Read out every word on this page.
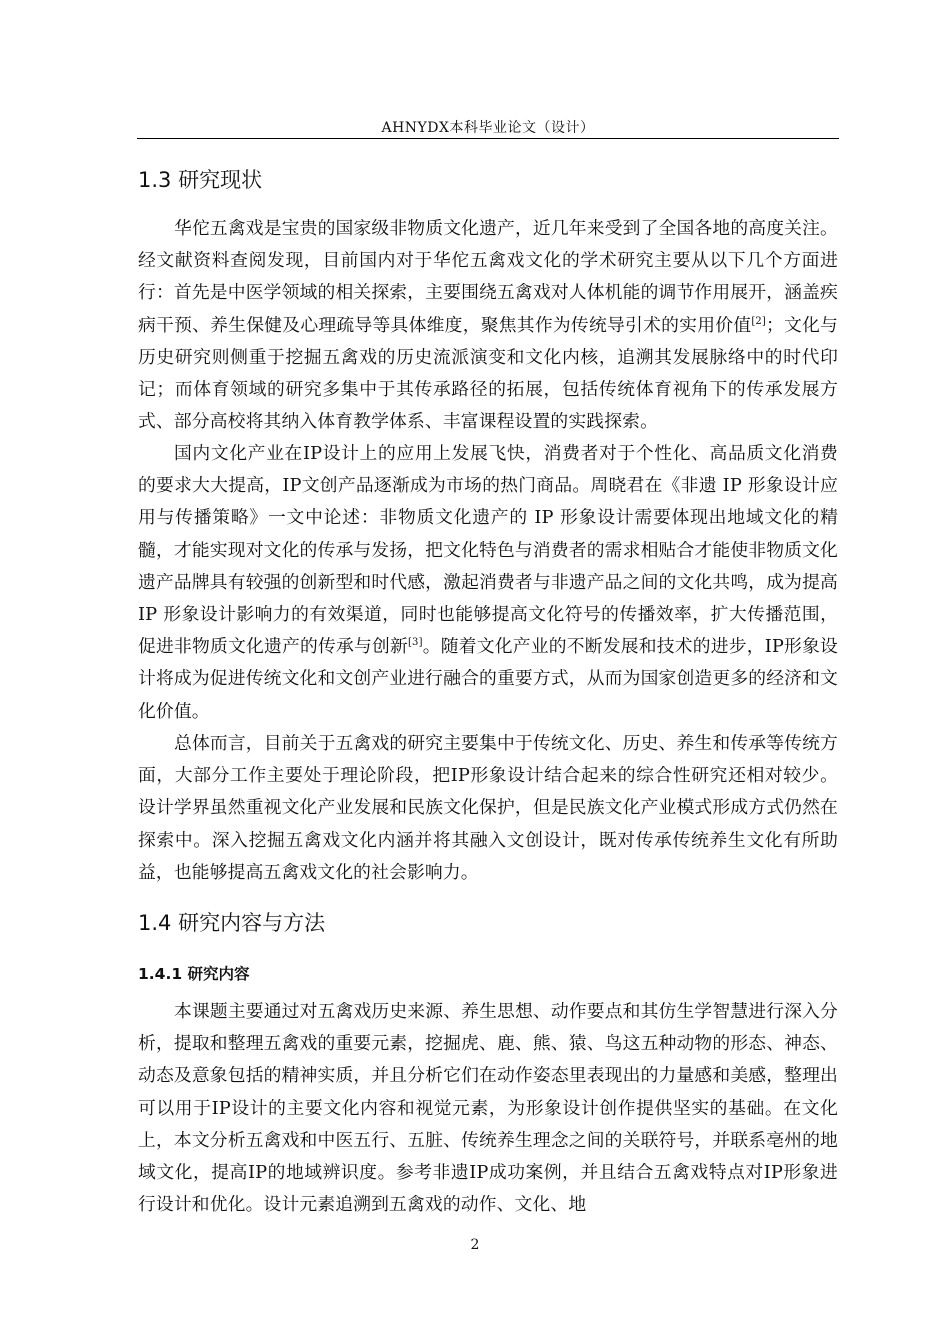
AHNYDX本科毕业论文（设计）
1.3 研究现状

华佗五禽戏是宝贵的国家级非物质文化遗产，近几年来受到了全国各地的高度关注。经文献资料查阅发现，目前国内对于华佗五禽戏文化的学术研究主要从以下几个方面进行：首先是中医学领域的相关探索，主要围绕五禽戏对人体机能的调节作用展开，涵盖疾病干预、养生保健及心理疏导等具体维度，聚焦其作为传统导引术的实用价值[2]；文化与历史研究则侧重于挖掘五禽戏的历史流派演变和文化内核，追溯其发展脉络中的时代印记；而体育领域的研究多集中于其传承路径的拓展，包括传统体育视角下的传承发展方式、部分高校将其纳入体育教学体系、丰富课程设置的实践探索。

国内文化产业在IP设计上的应用上发展飞快，消费者对于个性化、高品质文化消费的要求大大提高，IP文创产品逐渐成为市场的热门商品。周晓君在《非遗 IP 形象设计应用与传播策略》一文中论述：非物质文化遗产的 IP 形象设计需要体现出地域文化的精髓，才能实现对文化的传承与发扬，把文化特色与消费者的需求相贴合才能使非物质文化遗产品牌具有较强的创新型和时代感，激起消费者与非遗产品之间的文化共鸣，成为提高 IP 形象设计影响力的有效渠道，同时也能够提高文化符号的传播效率，扩大传播范围，促进非物质文化遗产的传承与创新[3]。随着文化产业的不断发展和技术的进步，IP形象设计将成为促进传统文化和文创产业进行融合的重要方式，从而为国家创造更多的经济和文化价值。

总体而言，目前关于五禽戏的研究主要集中于传统文化、历史、养生和传承等传统方面，大部分工作主要处于理论阶段，把IP形象设计结合起来的综合性研究还相对较少。设计学界虽然重视文化产业发展和民族文化保护，但是民族文化产业模式形成方式仍然在探索中。深入挖掘五禽戏文化内涵并将其融入文创设计，既对传承传统养生文化有所助益，也能够提高五禽戏文化的社会影响力。

1.4 研究内容与方法
1.4.1 研究内容

本课题主要通过对五禽戏历史来源、养生思想、动作要点和其仿生学智慧进行深入分析，提取和整理五禽戏的重要元素，挖掘虎、鹿、熊、猿、鸟这五种动物的形态、神态、动态及意象包括的精神实质，并且分析它们在动作姿态里表现出的力量感和美感，整理出可以用于IP设计的主要文化内容和视觉元素，为形象设计创作提供坚实的基础。在文化上，本文分析五禽戏和中医五行、五脏、传统养生理念之间的关联符号，并联系亳州的地域文化，提高IP的地域辨识度。参考非遗IP成功案例，并且结合五禽戏特点对IP形象进行设计和优化。设计元素追溯到五禽戏的动作、文化、地

2
